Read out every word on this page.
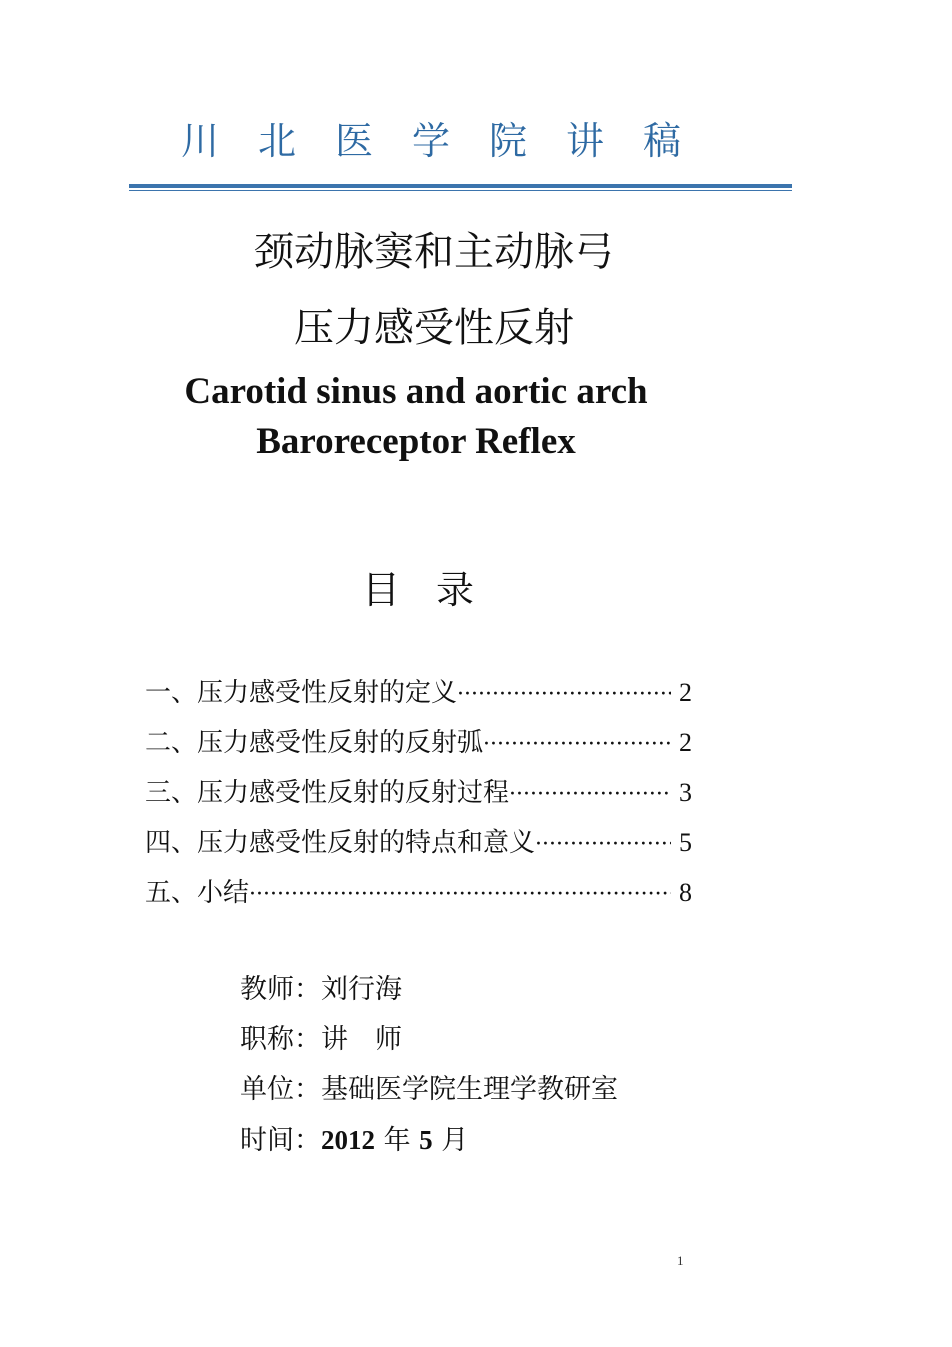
川北医学院讲稿
颈动脉窦和主动脉弓
压力感受性反射
Carotid sinus and aortic arch
Baroreceptor Reflex
目录
一、压力感受性反射的定义 ·····	2
二、压力感受性反射的反射弧 ·····	2
三、压力感受性反射的反射过程 ·····	3
四、压力感受性反射的特点和意义 ·····	5
五、小结 ·····	8
教师：刘行海
职称：讲　师
单位：基础医学院生理学教研室
时间：2012 年 5 月
1
